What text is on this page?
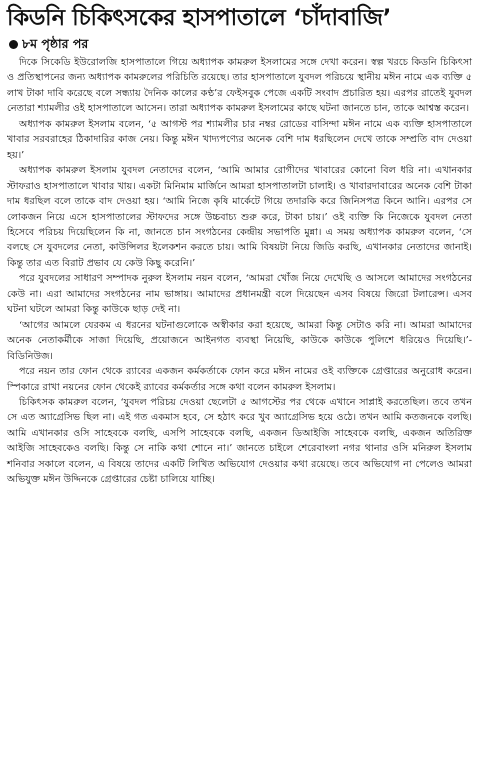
কিডনি চিকিৎসকের হাসপাতালে ‘চাঁদাবাজি’
৮ম পৃষ্ঠার পর

দিকে সিকেডি ইউরোলজি হাসপাতালে গিয়ে অধ্যাপক কামরুল ইসলামের সঙ্গে দেখা করেন। স্বল্প খরচে কিডনি চিকিৎসা ও প্রতিস্থাপনের জন্য অধ্যাপক কামরুলের পরিচিতি রয়েছে। তার হাসপাতালে যুবদল পরিচয়ে স্থানীয় মঈন নামে এক ব্যক্তি ৫ লাখ টাকা দাবি করেছে বলে সন্ধ্যায় দৈনিক কালের কণ্ঠ’র ফেইসবুক পেজে একটি সংবাদ প্রচারিত হয়। এরপর রাতেই যুবদল নেতারা শ্যামলীর ওই হাসপাতালে আসেন। তারা অধ্যাপক কামরুল ইসলামের কাছে ঘটনা জানতে চান, তাকে আশ্বস্ত করেন।

অধ্যাপক কামরুল ইসলাম বলেন, ‘৫ আগস্ট পর শ্যামলীর চার নম্বর রোডের বাসিন্দা মঈন নামে এক ব্যক্তি হাসপাতালে খাবার সরবরাহের ঠিকাদারির কাজ নেয়। কিন্তু মঈন খাদ্যপণ্যের অনেক বেশি দাম ধরছিলেন দেখে তাকে সম্প্রতি বাদ দেওয়া হয়।’

অধ্যাপক কামরুল ইসলাম যুবদল নেতাদের বলেন, ‘আমি আমার রোগীদের খাবারের কোনো বিল ধরি না। এখানকার স্টাফরাও হাসপাতালে খাবার খায়। একটা মিনিমাম মার্জিনে আমরা হাসপাতালটা চালাই। ও খাবারদাবারের অনেক বেশি টাকা দাম ধরছিল বলে তাকে বাদ দেওয়া হয়। ‘আমি নিজে কৃষি মার্কেটে গিয়ে তদারকি করে জিনিসপত্র কিনে আনি। এরপর সে লোকজন নিয়ে এসে হাসপাতালের স্টাফদের সঙ্গে উচ্চবাচ্য শুরু করে, টাকা চায়।’ ওই ব্যক্তি কি নিজেকে যুবদল নেতা হিসেবে পরিচয় দিয়েছিলেন কি না, জানতে চান সংগঠনের কেন্দ্রীয় সভাপতি মুন্না। এ সময় অধ্যাপক কামরুল বলেন, ‘সে বলছে সে যুবদলের নেতা, কাউন্সিলর ইলেকশন করতে চায়। আমি বিষয়টা নিয়ে জিডি করছি, এখানকার নেতাদের জানাই। কিন্তু তার এত বিরাট প্রভাব যে কেউ কিছু করেনি।’

পরে যুবদলের সাধারণ সম্পাদক নুরুল ইসলাম নয়ন বলেন, ‘আমরা খোঁজ নিয়ে দেখেছি ও আসলে আমাদের সংগঠনের কেউ না। এরা আমাদের সংগঠনের নাম ভাঙ্গায়। আমাদের প্রধানমন্ত্রী বলে দিয়েছেন এসব বিষয়ে জিরো টলারেন্স। এসব ঘটনা ঘটলে আমরা কিন্তু কাউকে ছাড় দেই না।

‘আগের আমলে যেরকম এ ধরনের ঘটনাগুলোকে অস্বীকার করা হয়েছে, আমরা কিন্তু সেটাও করি না। আমরা আমাদের অনেক নেতাকর্মীকে সাজা দিয়েছি, প্রয়োজনে আইনগত ব্যবস্থা নিয়েছি, কাউকে কাউকে পুলিশে ধরিয়েও দিয়েছি।’-বিডিনিউজ।

পরে নয়ন তার ফোন থেকে র‍্যাবের একজন কর্মকর্তাকে ফোন করে মঈন নামের ওই ব্যক্তিকে গ্রেপ্তারের অনুরোধ করেন। স্পিকারে রাখা নয়নের ফোন থেকেই র‍্যাবের কর্মকর্তার সঙ্গে কথা বলেন কামরুল ইসলাম।

চিকিৎসক কামরুল বলেন, ‘যুবদল পরিচয় দেওয়া ছেলেটা ৫ আগস্টের পর থেকে এখানে সাপ্লাই করতেছিল। তবে তখন সে এত অ্যাগ্রেসিভ ছিল না। এই গত একমাস হবে, সে হঠাৎ করে খুব অ্যাগ্রেসিভ হয়ে ওঠে। তখন আমি কতজনকে বলছি। আমি এখানকার ওসি সাহেবকে বলছি, এসপি সাহেবকে বলছি, একজন ডিআইজি সাহেবকে বলছি, একজন অতিরিক্ত আইজি সাহেবকেও বলছি। কিন্তু সে নাকি কথা শোনে না।’ জানতে চাইলে শেরেবাংলা নগর থানার ওসি মনিরুল ইসলাম শনিবার সকালে বলেন, এ বিষয়ে তাদের একটি লিখিত অভিযোগ দেওয়ার কথা রয়েছে। তবে অভিযোগ না পেলেও আমরা অভিযুক্ত মঈন উদ্দিনকে গ্রেপ্তারের চেষ্টা চালিয়ে যাচ্ছি।
